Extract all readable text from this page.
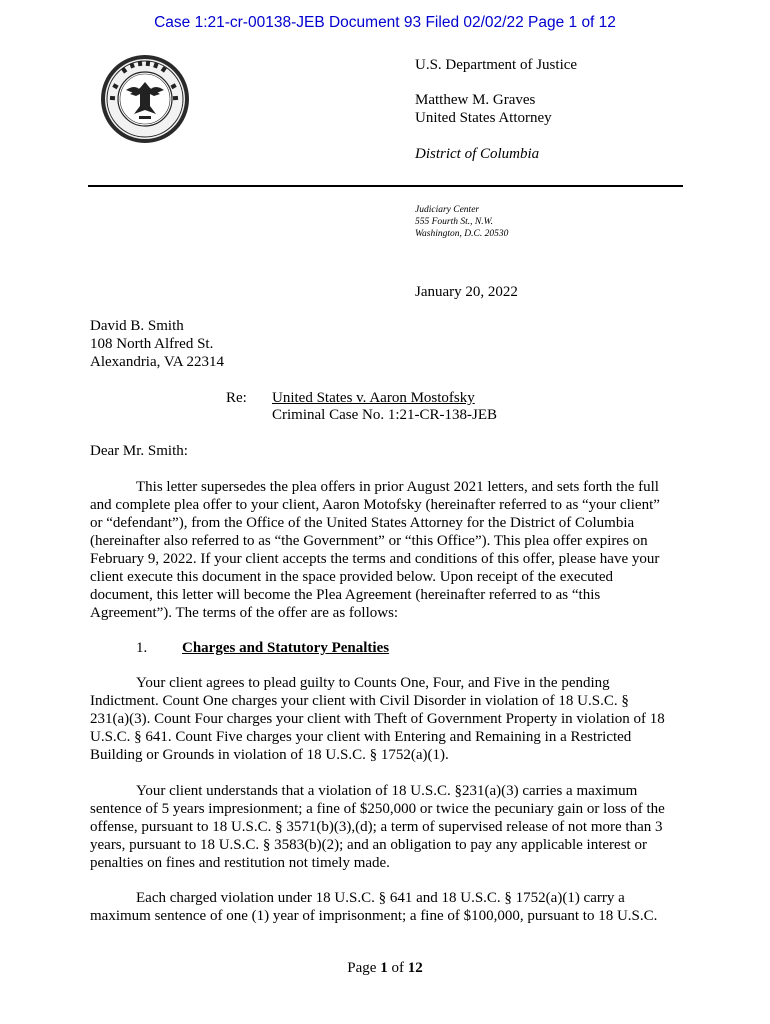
Case 1:21-cr-00138-JEB Document 93 Filed 02/02/22 Page 1 of 12
U.S. Department of Justice
Matthew M. Graves
United States Attorney
District of Columbia
Judiciary Center
555 Fourth St., N.W.
Washington, D.C. 20530
January 20, 2022
David B. Smith
108 North Alfred St.
Alexandria, VA 22314
Re: United States v. Aaron Mostofsky
Criminal Case No. 1:21-CR-138-JEB
Dear Mr. Smith:
This letter supersedes the plea offers in prior August 2021 letters, and sets forth the full
and complete plea offer to your client, Aaron Motofsky (hereinafter referred to as “your client”
or “defendant”), from the Office of the United States Attorney for the District of Columbia
(hereinafter also referred to as “the Government” or “this Office”). This plea offer expires on
February 9, 2022. If your client accepts the terms and conditions of this offer, please have your
client execute this document in the space provided below. Upon receipt of the executed
document, this letter will become the Plea Agreement (hereinafter referred to as “this
Agreement”). The terms of the offer are as follows:
1. Charges and Statutory Penalties
Your client agrees to plead guilty to Counts One, Four, and Five in the pending
Indictment. Count One charges your client with Civil Disorder in violation of 18 U.S.C. §
231(a)(3). Count Four charges your client with Theft of Government Property in violation of 18
U.S.C. § 641. Count Five charges your client with Entering and Remaining in a Restricted
Building or Grounds in violation of 18 U.S.C. § 1752(a)(1).
Your client understands that a violation of 18 U.S.C. §231(a)(3) carries a maximum
sentence of 5 years impresionment; a fine of $250,000 or twice the pecuniary gain or loss of the
offense, pursuant to 18 U.S.C. § 3571(b)(3),(d); a term of supervised release of not more than 3
years, pursuant to 18 U.S.C. § 3583(b)(2); and an obligation to pay any applicable interest or
penalties on fines and restitution not timely made.
Each charged violation under 18 U.S.C. § 641 and 18 U.S.C. § 1752(a)(1) carry a
maximum sentence of one (1) year of imprisonment; a fine of $100,000, pursuant to 18 U.S.C.
Page 1 of 12
